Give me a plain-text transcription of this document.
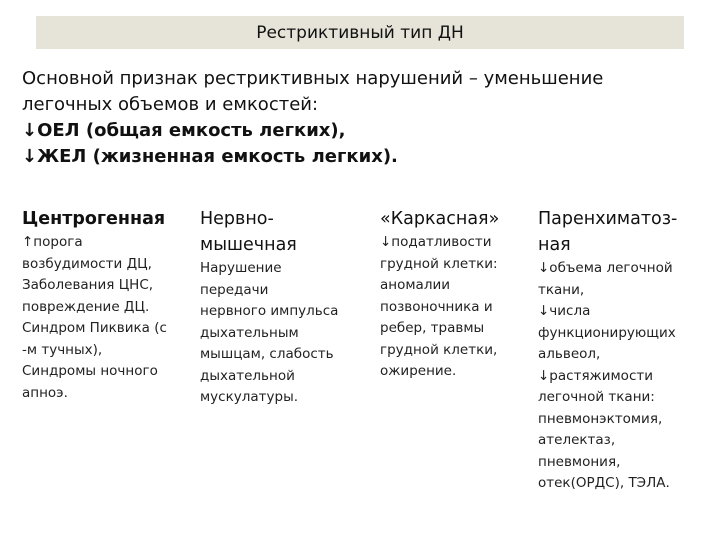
Рестриктивный тип ДН
Основной признак рестриктивных нарушений – уменьшение
легочных объемов и емкостей:
↓ОЕЛ (общая емкость легких),
↓ЖЕЛ (жизненная емкость легких).
Центрогенная
↑порога
возбудимости ДЦ,
Заболевания ЦНС,
повреждение ДЦ.
Синдром Пиквика (с
-м тучных),
Синдромы ночного
апноэ.
Нервно-
мышечная
Нарушение
передачи
нервного импульса
дыхательным
мышцам, слабость
дыхательной
мускулатуры.
«Каркасная»
↓податливости
грудной клетки:
аномалии
позвоночника и
ребер, травмы
грудной клетки,
ожирение.
Паренхиматоз-
ная
↓объема легочной
ткани,
↓числа
функционирующих
альвеол,
↓растяжимости
легочной ткани:
пневмонэктомия,
ателектаз,
пневмония,
отек(ОРДС), ТЭЛА.
